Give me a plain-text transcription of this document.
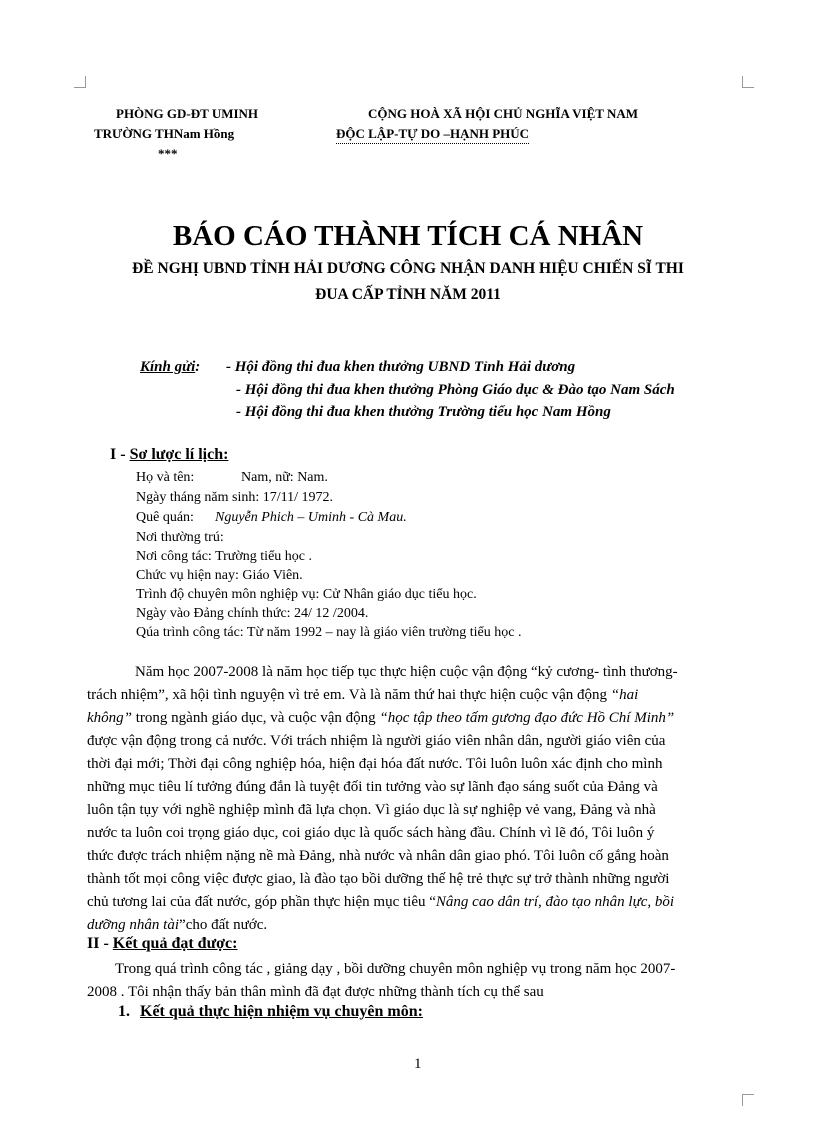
PHÒNG GD-ĐT UMINH
TRƯỜNG THNam Hồng
***
CỘNG HOÀ XÃ HỘI CHỦ NGHĨA VIỆT NAM
ĐỘC LẬP-TỰ DO –HẠNH PHÚC
BÁO CÁO THÀNH TÍCH CÁ NHÂN
ĐỀ NGHỊ UBND TỈNH HẢI DƯƠNG CÔNG NHẬN DANH HIỆU CHIẾN SĨ THI
ĐUA CẤP TỈNH NĂM 2011
Kính gửi: - Hội đồng thi đua khen thưởng UBND Tỉnh Hải dương
- Hội đồng thi đua khen thưởng Phòng Giáo dục & Đào tạo Nam Sách
- Hội đồng thi đua khen thưởng Trường tiểu học Nam Hồng
I - Sơ lược lí lịch:
Họ và tên:	Nam, nữ: Nam.
Ngày tháng năm sinh: 17/11/ 1972.
Quê quán: Nguyễn Phich – Uminh - Cà Mau.
Nơi thường trú:
Nơi công tác: Trường tiểu học .
Chức vụ hiện nay: Giáo Viên.
Trình độ chuyên môn nghiệp vụ: Cử Nhân giáo dục tiểu học.
Ngày vào Đảng chính thức: 24/ 12 /2004.
Qúa trình công tác: Từ năm 1992 – nay là giáo viên trường tiểu học .
Năm học 2007-2008 là năm học tiếp tục thực hiện cuộc vận động “kỷ cương- tình thương-
trách nhiệm”, xã hội tình nguyện vì trẻ em. Và là năm thứ hai thực hiện cuộc vận động “hai
không” trong ngành giáo dục, và cuộc vận động “học tập theo tấm gương đạo đức Hồ Chí Minh”
được vận động trong cả nước. Với trách nhiệm là người giáo viên nhân dân, người giáo viên của
thời đại mới; Thời đại công nghiệp hóa, hiện đại hóa đất nước. Tôi luôn luôn xác định cho mình
những mục tiêu lí tưởng đúng đắn là tuyệt đối tin tưởng vào sự lãnh đạo sáng suốt của Đảng và
luôn tận tụy với nghề nghiệp mình đã lựa chọn. Vì giáo dục là sự nghiệp vẻ vang, Đảng và nhà
nước ta luôn coi trọng giáo dục, coi giáo dục là quốc sách hàng đầu. Chính vì lẽ đó, Tôi luôn ý
thức được trách nhiệm nặng nề mà Đảng, nhà nước và nhân dân giao phó. Tôi luôn cố gắng hoàn
thành tốt mọi công việc được giao, là đào tạo bồi dưỡng thế hệ trẻ thực sự trở thành những người
chủ tương lai của đất nước, góp phần thực hiện mục tiêu “Nâng cao dân trí, đào tạo nhân lực, bồi
dưỡng nhân tài”cho đất nước.
II - Kết quả đạt được:
Trong quá trình công tác , giảng dạy , bồi dưỡng chuyên môn nghiệp vụ trong năm học 2007-
2008 . Tôi nhận thấy bản thân mình đã đạt được những thành tích cụ thể sau
1. Kết quả thực hiện nhiệm vụ chuyên môn:
1
